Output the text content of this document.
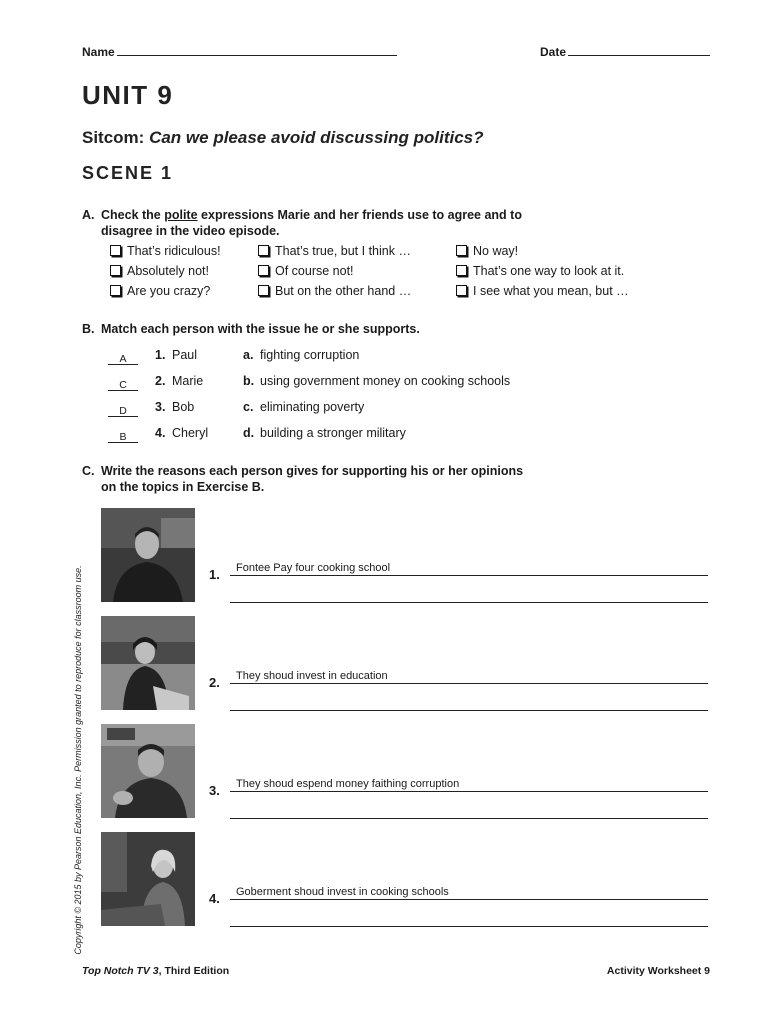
Name	Date
UNIT 9
Sitcom: Can we please avoid discussing politics?
SCENE 1
A. Check the polite expressions Marie and her friends use to agree and to
disagree in the video episode.
That’s ridiculous!	That’s true, but I think …	No way!
Absolutely not!	Of course not!	That’s one way to look at it.
Are you crazy?	But on the other hand …	I see what you mean, but …
B. Match each person with the issue he or she supports.
A	1. Paul	a. fighting corruption
C	2. Marie	b. using government money on cooking schools
D	3. Bob	c. eliminating poverty
B	4. Cheryl	d. building a stronger military
C. Write the reasons each person gives for supporting his or her opinions
on the topics in Exercise B.
1. Fontee Pay four cooking school
2. They shoud invest in education
3. They shoud espend money faithing corruption
4. Goberment shoud invest in cooking schools
Copyright © 2015 by Pearson Education, Inc. Permission granted to reproduce for classroom use.
Top Notch TV 3, Third Edition	Activity Worksheet 9
